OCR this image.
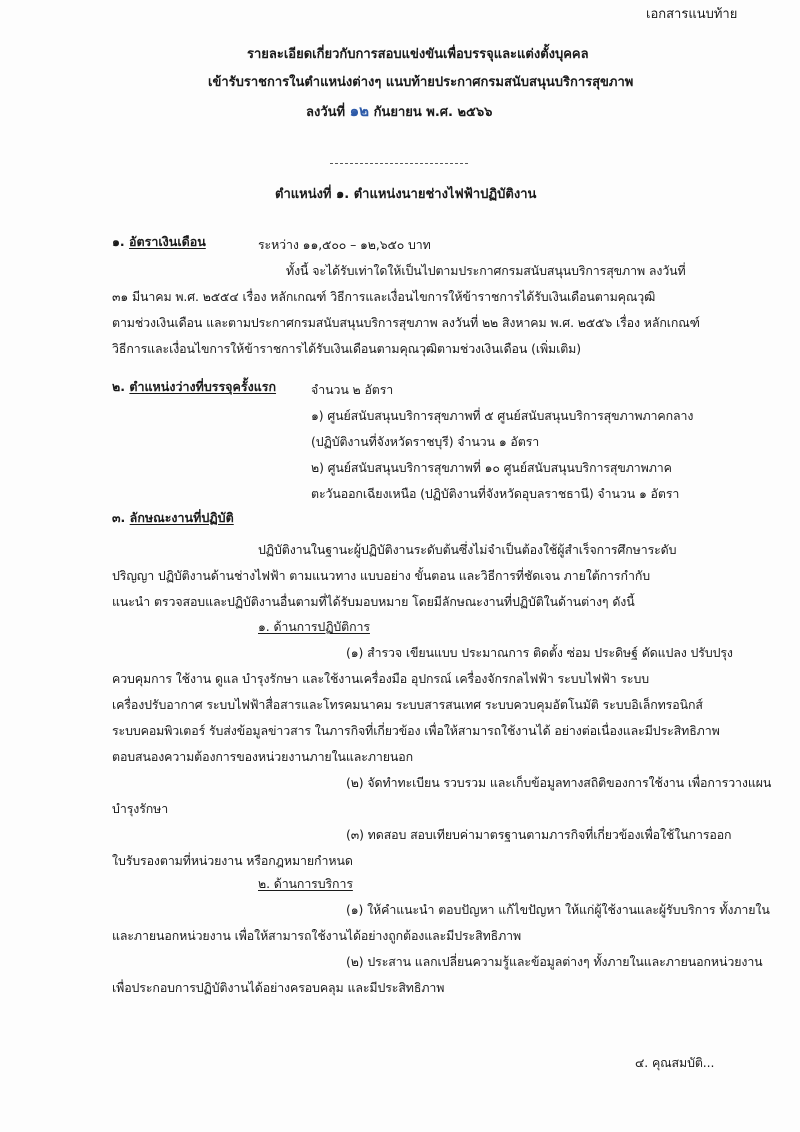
เอกสารแนบท้าย
รายละเอียดเกี่ยวกับการสอบแข่งขันเพื่อบรรจุและแต่งตั้งบุคคล
เข้ารับราชการในตำแหน่งต่างๆ แนบท้ายประกาศกรมสนับสนุนบริการสุขภาพ
ลงวันที่ ๑๒ กันยายน พ.ศ. ๒๕๖๖
ตำแหน่งที่ ๑. ตำแหน่งนายช่างไฟฟ้าปฏิบัติงาน
๑. อัตราเงินเดือน	ระหว่าง ๑๑,๕๐๐ – ๑๒,๖๕๐ บาท
ทั้งนี้ จะได้รับเท่าใดให้เป็นไปตามประกาศกรมสนับสนุนบริการสุขภาพ ลงวันที่
๓๑ มีนาคม พ.ศ. ๒๕๕๔ เรื่อง หลักเกณฑ์ วิธีการและเงื่อนไขการให้ข้าราชการได้รับเงินเดือนตามคุณวุฒิ
ตามช่วงเงินเดือน และตามประกาศกรมสนับสนุนบริการสุขภาพ ลงวันที่ ๒๒ สิงหาคม พ.ศ. ๒๕๕๖ เรื่อง หลักเกณฑ์
วิธีการและเงื่อนไขการให้ข้าราชการได้รับเงินเดือนตามคุณวุฒิตามช่วงเงินเดือน (เพิ่มเติม)
๒. ตำแหน่งว่างที่บรรจุครั้งแรก	จำนวน ๒ อัตรา
๑) ศูนย์สนับสนุนบริการสุขภาพที่ ๕ ศูนย์สนับสนุนบริการสุขภาพภาคกลาง
(ปฏิบัติงานที่จังหวัดราชบุรี) จำนวน ๑ อัตรา
๒) ศูนย์สนับสนุนบริการสุขภาพที่ ๑๐ ศูนย์สนับสนุนบริการสุขภาพภาค
ตะวันออกเฉียงเหนือ (ปฏิบัติงานที่จังหวัดอุบลราชธานี) จำนวน ๑ อัตรา
๓. ลักษณะงานที่ปฏิบัติ
ปฏิบัติงานในฐานะผู้ปฏิบัติงานระดับต้นซึ่งไม่จำเป็นต้องใช้ผู้สำเร็จการศึกษาระดับ
ปริญญา ปฏิบัติงานด้านช่างไฟฟ้า ตามแนวทาง แบบอย่าง ขั้นตอน และวิธีการที่ชัดเจน ภายใต้การกำกับ
แนะนำ ตรวจสอบและปฏิบัติงานอื่นตามที่ได้รับมอบหมาย โดยมีลักษณะงานที่ปฏิบัติในด้านต่างๆ ดังนี้
๑. ด้านการปฏิบัติการ
(๑) สำรวจ เขียนแบบ ประมาณการ ติดตั้ง ซ่อม ประดิษฐ์ ดัดแปลง ปรับปรุง
ควบคุมการ ใช้งาน ดูแล บำรุงรักษา และใช้งานเครื่องมือ อุปกรณ์ เครื่องจักรกลไฟฟ้า ระบบไฟฟ้า ระบบ
เครื่องปรับอากาศ ระบบไฟฟ้าสื่อสารและโทรคมนาคม ระบบสารสนเทศ ระบบควบคุมอัตโนมัติ ระบบอิเล็กทรอนิกส์
ระบบคอมพิวเตอร์ รับส่งข้อมูลข่าวสาร ในภารกิจที่เกี่ยวข้อง เพื่อให้สามารถใช้งานได้ อย่างต่อเนื่องและมีประสิทธิภาพ
ตอบสนองความต้องการของหน่วยงานภายในและภายนอก
(๒) จัดทำทะเบียน รวบรวม และเก็บข้อมูลทางสถิติของการใช้งาน เพื่อการวางแผน
บำรุงรักษา
(๓) ทดสอบ สอบเทียบค่ามาตรฐานตามภารกิจที่เกี่ยวข้องเพื่อใช้ในการออก
ใบรับรองตามที่หน่วยงาน หรือกฎหมายกำหนด
๒. ด้านการบริการ
(๑) ให้คำแนะนำ ตอบปัญหา แก้ไขปัญหา ให้แก่ผู้ใช้งานและผู้รับบริการ ทั้งภายใน
และภายนอกหน่วยงาน เพื่อให้สามารถใช้งานได้อย่างถูกต้องและมีประสิทธิภาพ
(๒) ประสาน แลกเปลี่ยนความรู้และข้อมูลต่างๆ ทั้งภายในและภายนอกหน่วยงาน
เพื่อประกอบการปฏิบัติงานได้อย่างครอบคลุม และมีประสิทธิภาพ
๔. คุณสมบัติ...
